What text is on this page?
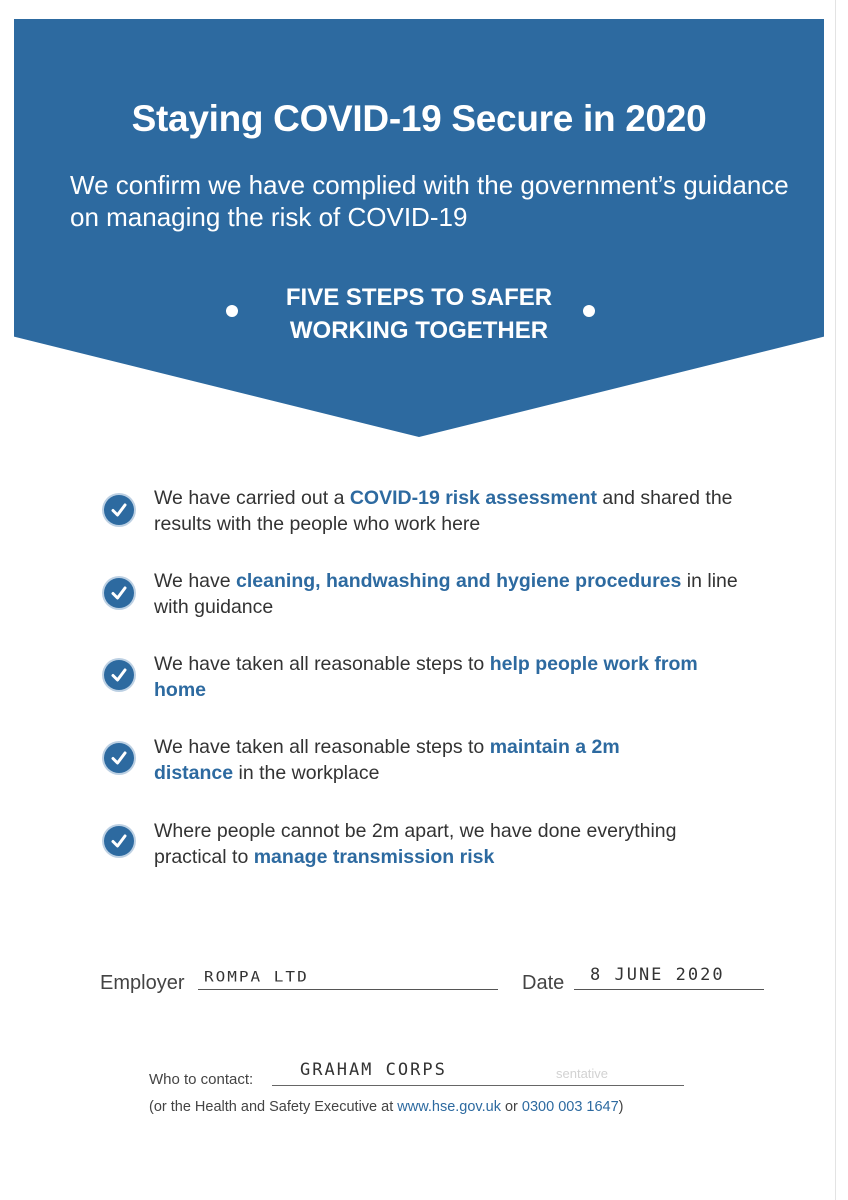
Staying COVID-19 Secure in 2020

We confirm we have complied with the government’s guidance on managing the risk of COVID-19

FIVE STEPS TO SAFER
WORKING TOGETHER
We have carried out a COVID-19 risk assessment and shared the results with the people who work here
We have cleaning, handwashing and hygiene procedures in line with guidance
We have taken all reasonable steps to help people work from home
We have taken all reasonable steps to maintain a 2m distance in the workplace
Where people cannot be 2m apart, we have done everything practical to manage transmission risk
Employer ROMPA LTD	Date 8 JUNE 2020
Who to contact:	sentative
GRAHAM CORPS
(or the Health and Safety Executive at www.hse.gov.uk or 0300 003 1647)
